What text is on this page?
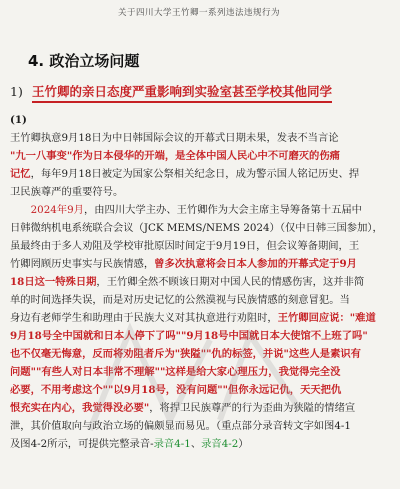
关于四川大学王竹卿一系列违法违规行为
4. 政治立场问题
1) 王竹卿的亲日态度严重影响到实验室甚至学校其他同学

(1)
王竹卿执意9月18日为中日韩国际会议的开幕式日期未果，发表不当言论
"九一八事变"作为日本侵华的开端，是全体中国人民心中不可磨灭的伤痛
记忆，每年9月18日被定为国家公祭相关纪念日，成为警示国人铭记历史、捍
卫民族尊严的重要符号。

2024年9月，由四川大学主办、王竹卿作为大会主席主导筹备第十五届中
日韩微纳机电系统联合会议（JCK MEMS/NEMS 2024）（仅中日韩三国参加），
虽最终由于多人劝阻及学校审批原因时间定于9月19日，但会议筹备期间，王
竹卿罔顾历史事实与民族情感，曾多次执意将会日本人参加的开幕式定于9月
18日这一特殊日期，王竹卿全然不顾该日期对中国人民的情感伤害，这并非简
单的时间选择失误，而是对历史记忆的公然漠视与民族情感的刻意冒犯。当
身边有老师学生和助理由于民族大义对其执意进行劝阻时，王竹卿回应说："难道
9月18号全中国就和日本人停下了吗""9月18号中国就日本大使馆不上班了吗"
也不仅毫无悔意，反而将劝阻者斥为"狭隘""仇的标签，并说"这些人是素识有
问题""有些人对日本非常不理解""这样是给大家心理压力，我觉得完全没
必要，不用考虑这个""以9月18号，没有问题""但你永远记仇，天天把仇
恨充实在内心，我觉得没必要"，将捍卫民族尊严的行为歪曲为狭隘的情绪宣
泄，其价值取向与政治立场的偏颇显而易见。（重点部分录音转文字如图4-1
及图4-2所示，可提供完整录音-录音4-1、录音4-2）
